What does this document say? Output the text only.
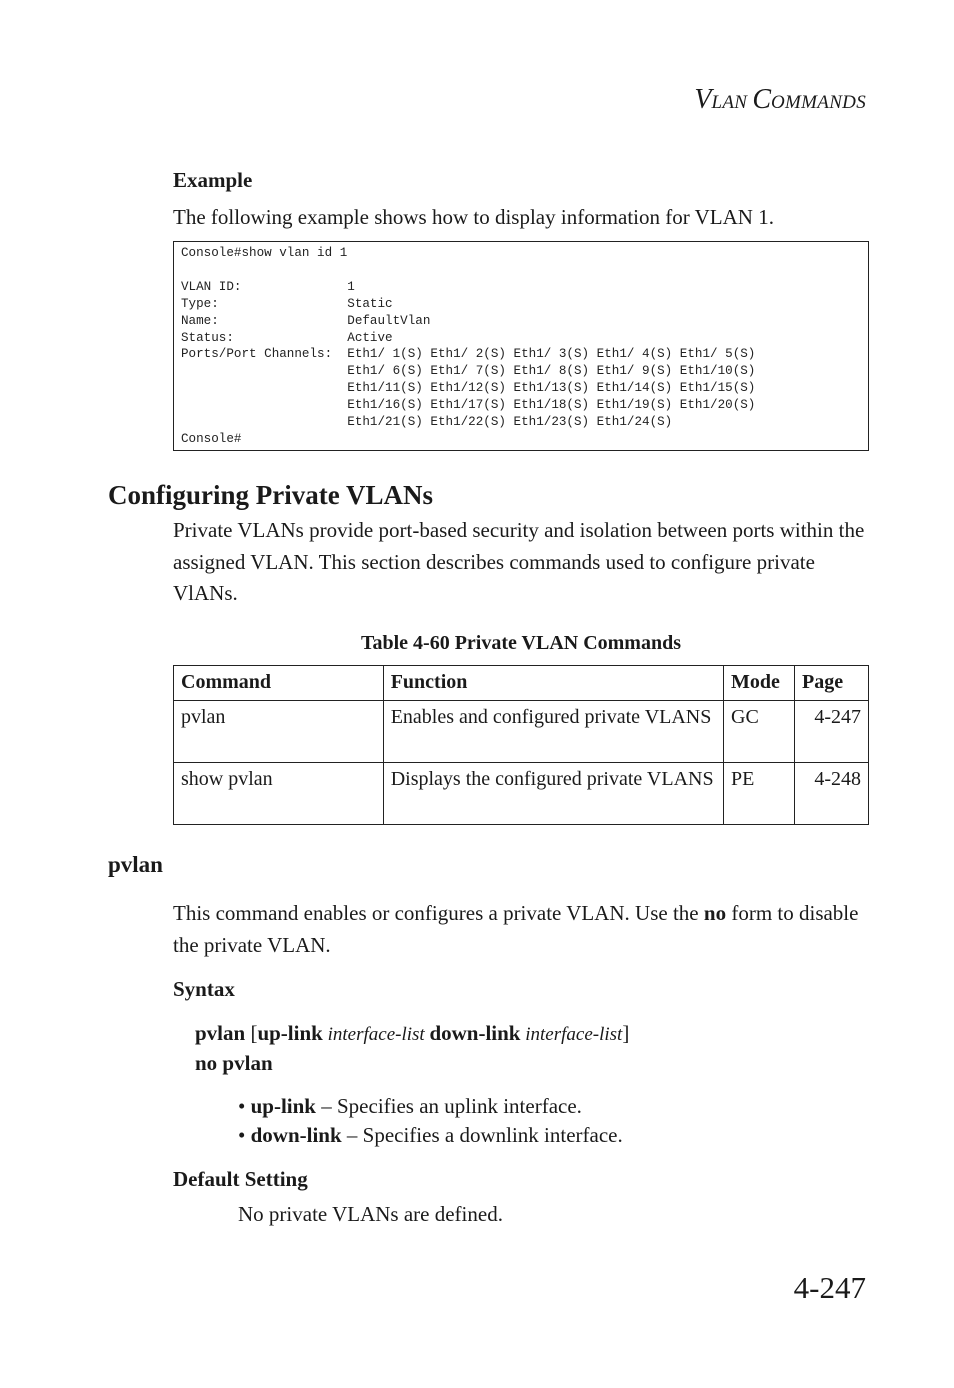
VLAN COMMANDS
Example
The following example shows how to display information for VLAN 1.
Console#show vlan id 1

VLAN ID:              1
Type:                 Static
Name:                 DefaultVlan
Status:               Active
Ports/Port Channels:  Eth1/ 1(S) Eth1/ 2(S) Eth1/ 3(S) Eth1/ 4(S) Eth1/ 5(S)
Eth1/ 6(S) Eth1/ 7(S) Eth1/ 8(S) Eth1/ 9(S) Eth1/10(S)
Eth1/11(S) Eth1/12(S) Eth1/13(S) Eth1/14(S) Eth1/15(S)
Eth1/16(S) Eth1/17(S) Eth1/18(S) Eth1/19(S) Eth1/20(S)
Eth1/21(S) Eth1/22(S) Eth1/23(S) Eth1/24(S)
Console#
Configuring Private VLANs
Private VLANs provide port-based security and isolation between ports within the assigned VLAN. This section describes commands used to configure private VlANs.
Table 4-60 Private VLAN Commands
Command	Function	Mode	Page
pvlan	Enables and configured private VLANS	GC	4-247
show pvlan	Displays the configured private VLANS	PE	4-248
pvlan
This command enables or configures a private VLAN. Use the no form to disable the private VLAN.
Syntax
pvlan [up-link interface-list down-link interface-list]
no pvlan
• up-link – Specifies an uplink interface.
• down-link – Specifies a downlink interface.
Default Setting
No private VLANs are defined.
4-247
